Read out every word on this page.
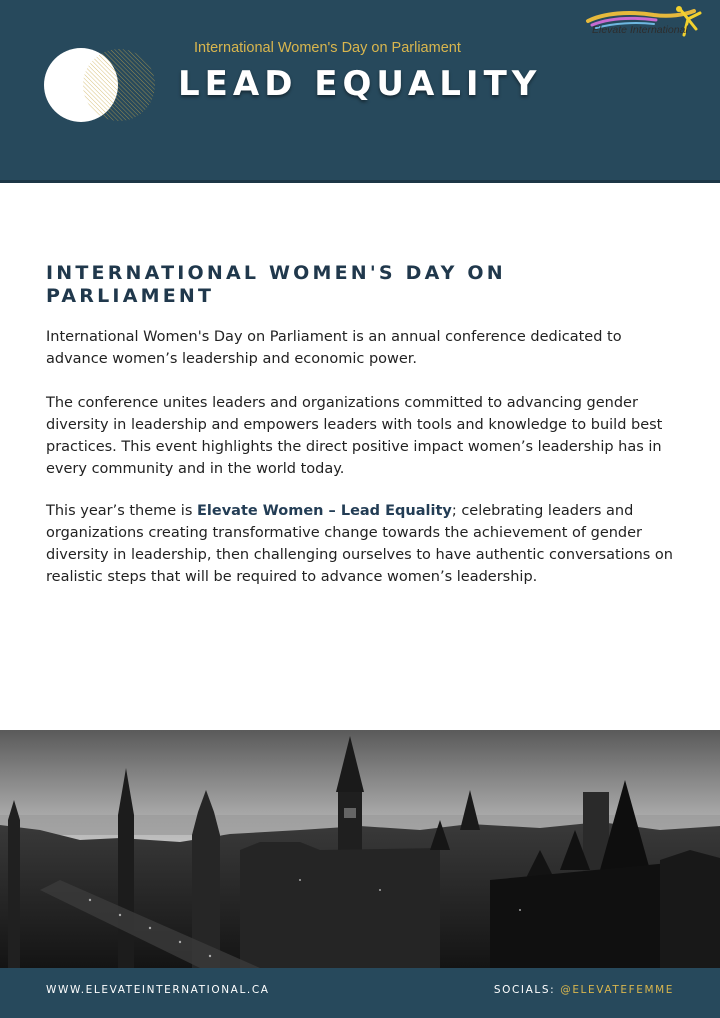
International Women's Day on Parliament
LEAD EQUALITY
Elevate International
INTERNATIONAL WOMEN'S DAY ON PARLIAMENT

International Women's Day on Parliament is an annual conference dedicated to advance women’s leadership and economic power.

The conference unites leaders and organizations committed to advancing gender diversity in leadership and empowers leaders with tools and knowledge to build best practices. This event highlights the direct positive impact women’s leadership has in every community and in the world today.

This year’s theme is Elevate Women – Lead Equality; celebrating leaders and organizations creating transformative change towards the achievement of gender diversity in leadership, then challenging ourselves to have authentic conversations on realistic steps that will be required to advance women’s leadership.

WWW.ELEVATEINTERNATIONAL.CA	SOCIALS: @ELEVATEFEMME
